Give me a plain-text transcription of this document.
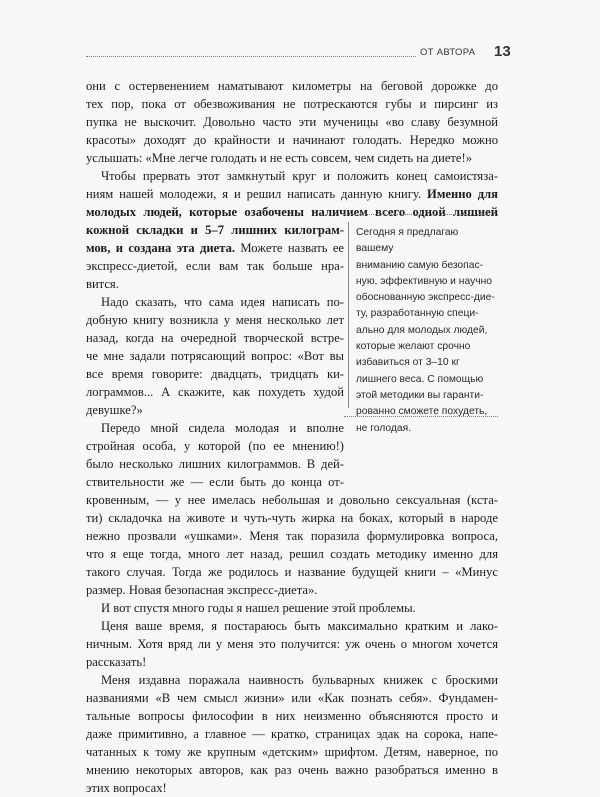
ОТ АВТОРА 13
они с остервенением наматывают километры на беговой дорожке до
тех пор, пока от обезвоживания не потрескаются губы и пирсинг из
пупка не выскочит. Довольно часто эти мученицы «во славу безумной
красоты» доходят до крайности и начинают голодать. Нередко можно
услышать: «Мне легче голодать и не есть совсем, чем сидеть на диете!»
Чтобы прервать этот замкнутый круг и положить конец самоистяза-
ниям нашей молодежи, я и решил написать данную книгу. Именно для
молодых людей, которые озабочены наличием всего одной лишней
кожной складки и 5–7 лишних килограм-
мов, и создана эта диета. Можете назвать ее
экспресс-диетой, если вам так больше нра-
вится.
Надо сказать, что сама идея написать по-
добную книгу возникла у меня несколько лет
назад, когда на очередной творческой встре-
че мне задали потрясающий вопрос: «Вот вы
все время говорите: двадцать, тридцать ки-
лограммов... А скажите, как похудеть худой
девушке?»
Передо мной сидела молодая и вполне
стройная особа, у которой (по ее мнению!)
было несколько лишних килограммов. В дей-
ствительности же — если быть до конца от-
кровенным, — у нее имелась небольшая и довольно сексуальная (кста-
ти) складочка на животе и чуть-чуть жирка на боках, который в народе
нежно прозвали «ушками». Меня так поразила формулировка вопроса,
что я еще тогда, много лет назад, решил создать методику именно для
такого случая. Тогда же родилось и название будущей книги – «Минус
размер. Новая безопасная экспресс-диета».
И вот спустя много годы я нашел решение этой проблемы.
Ценя ваше время, я постараюсь быть максимально кратким и лако-
ничным. Хотя вряд ли у меня это получится: уж очень о многом хочется
рассказать!
Меня издавна поражала наивность бульварных книжек с броскими
названиями «В чем смысл жизни» или «Как познать себя». Фундамен-
тальные вопросы философии в них неизменно объясняются просто и
даже примитивно, а главное — кратко, страницах эдак на сорока, напе-
чатанных к тому же крупным «детским» шрифтом. Детям, наверное, по
мнению некоторых авторов, как раз очень важно разобраться именно в
этих вопросах!
Сегодня я предлагаю вашему
вниманию самую безопас-
ную, эффективную и научно
обоснованную экспресс-дие-
ту, разработанную специ-
ально для молодых людей,
которые желают срочно
избавиться от 3–10 кг
лишнего веса. С помощью
этой методики вы гаранти-
рованно сможете похудеть,
не голодая.
